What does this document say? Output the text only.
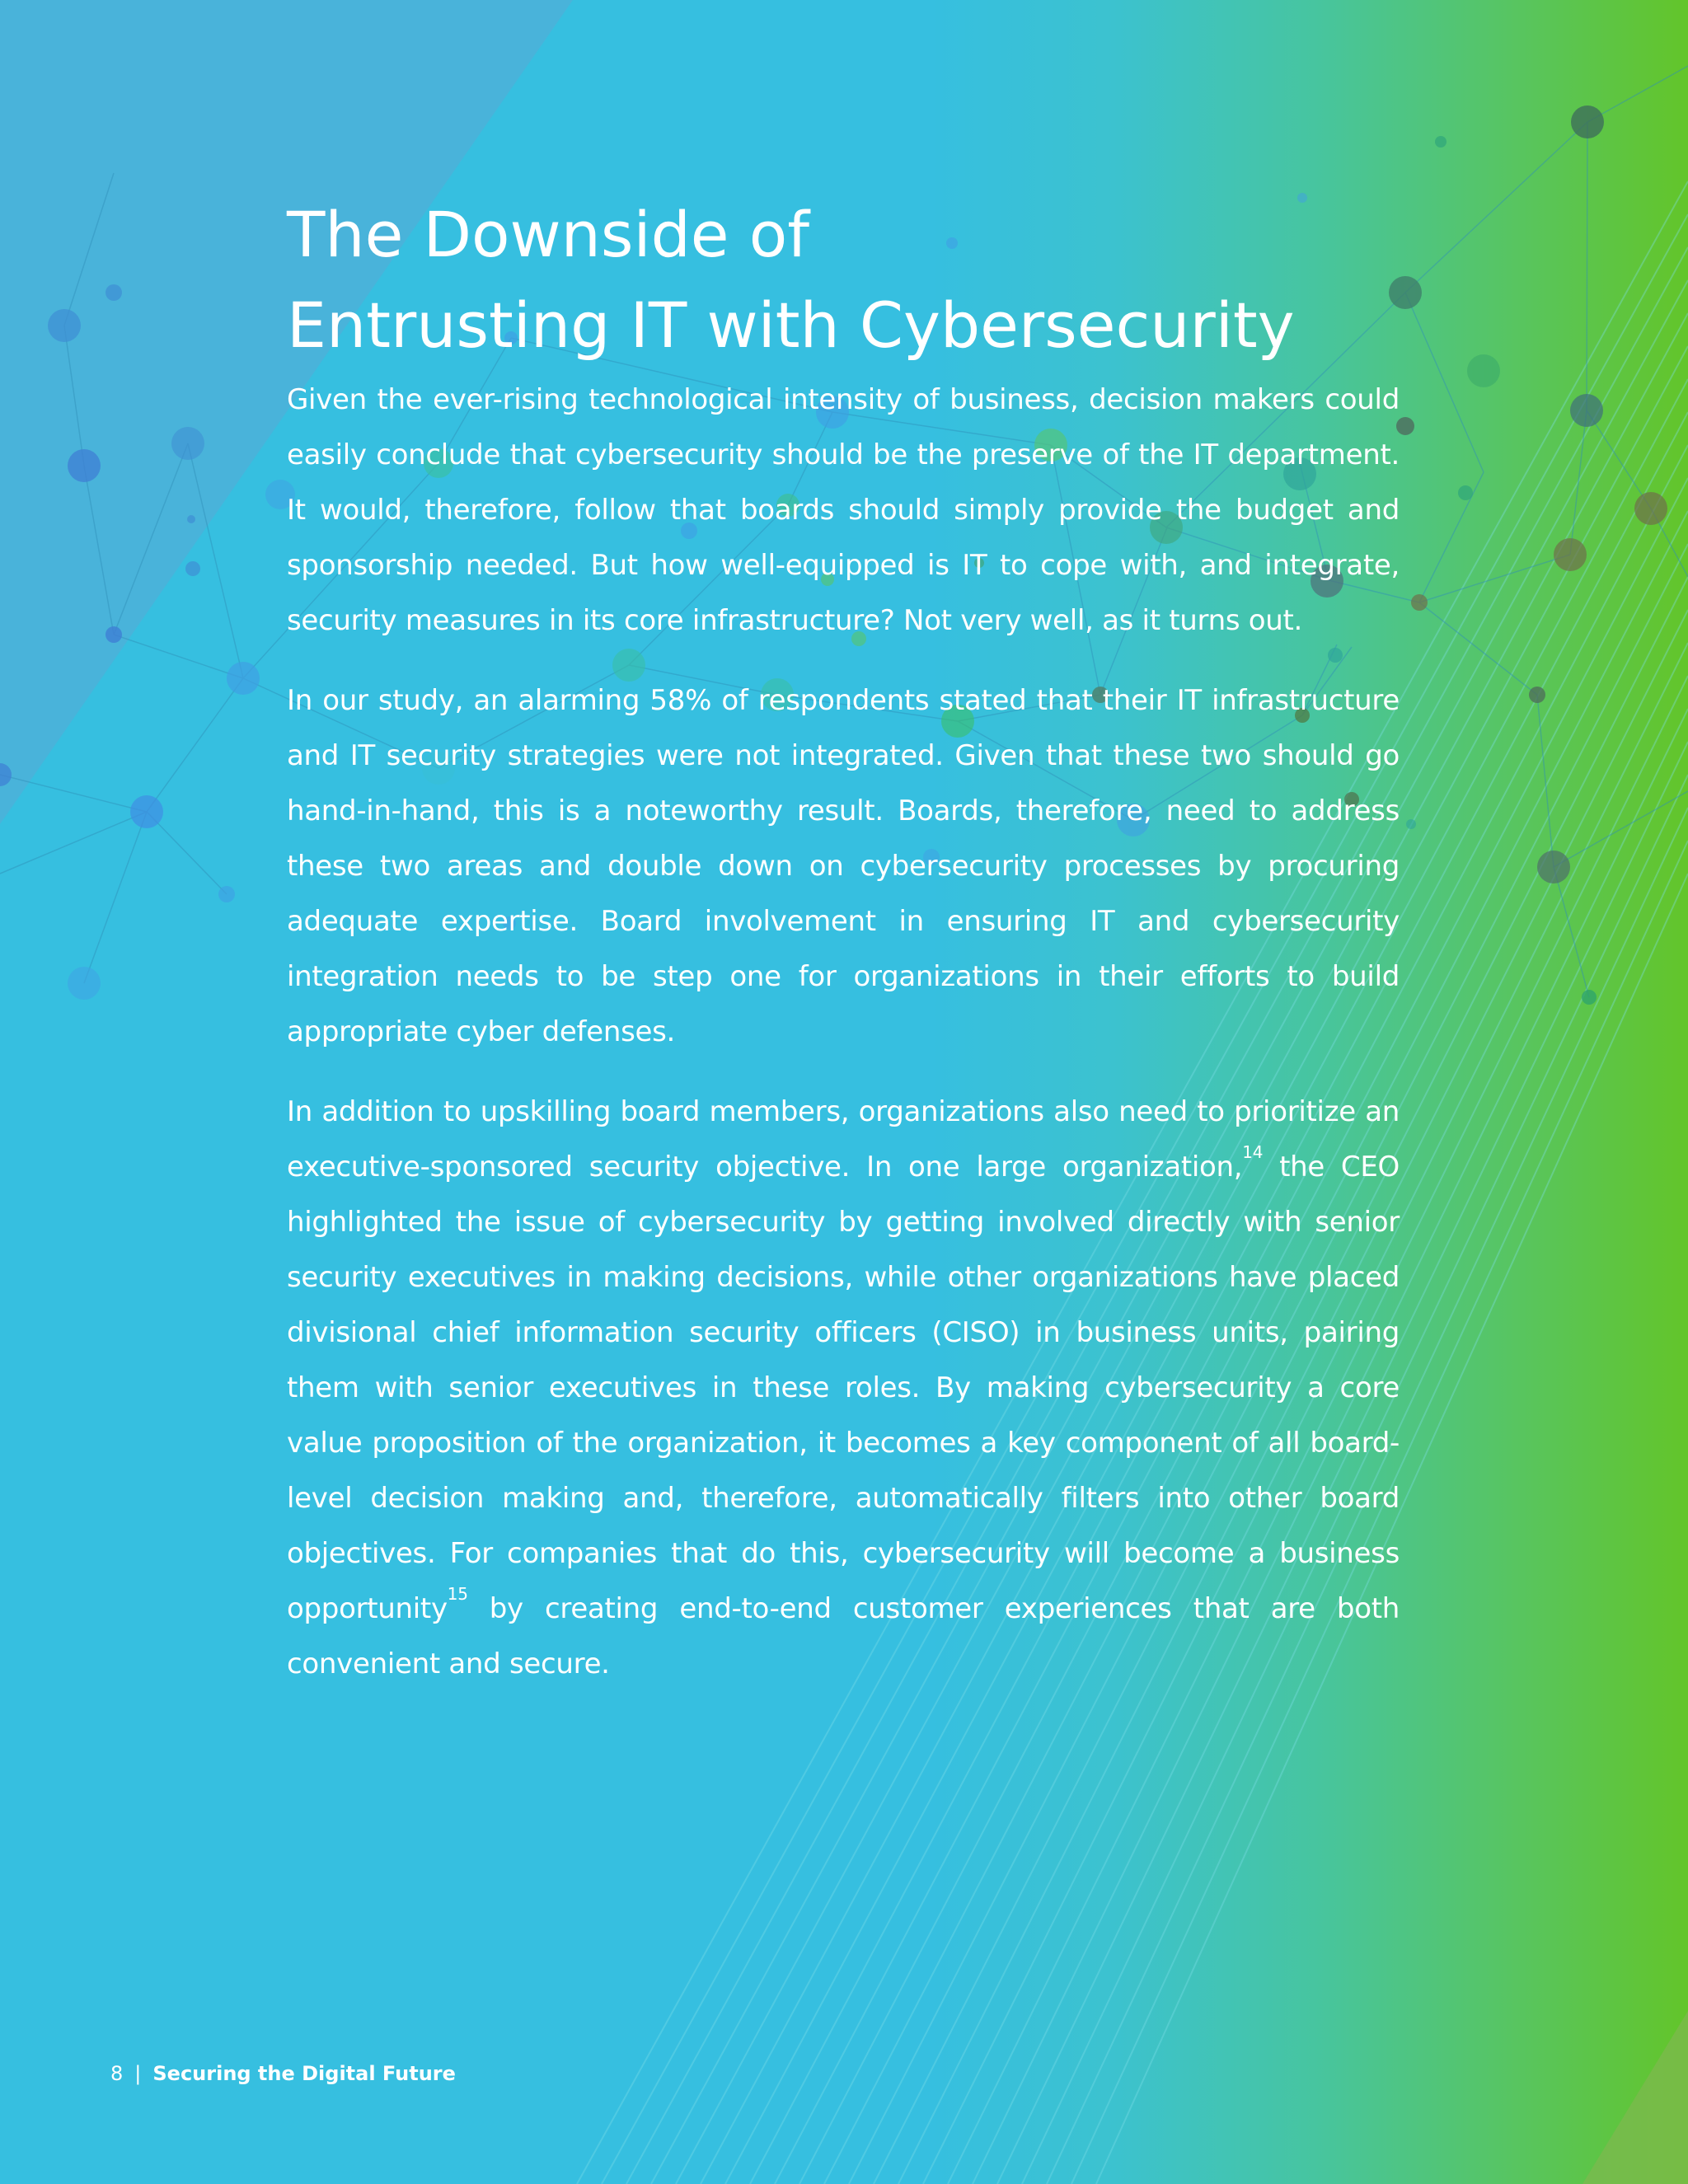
The Downside of
Entrusting IT with Cybersecurity

Given the ever-rising technological intensity of business, decision makers could easily conclude that cybersecurity should be the preserve of the IT department. It would, therefore, follow that boards should simply provide the budget and sponsorship needed. But how well-equipped is IT to cope with, and integrate, security measures in its core infrastructure? Not very well, as it turns out.

In our study, an alarming 58% of respondents stated that their IT infrastructure and IT security strategies were not integrated. Given that these two should go hand-in-hand, this is a noteworthy result. Boards, therefore, need to address these two areas and double down on cybersecurity processes by procuring adequate expertise. Board involvement in ensuring IT and cybersecurity integration needs to be step one for organizations in their efforts to build appropriate cyber defenses.

In addition to upskilling board members, organizations also need to prioritize an executive-sponsored security objective. In one large organization,$^{14}$ the CEO highlighted the issue of cybersecurity by getting involved directly with senior security executives in making decisions, while other organizations have placed divisional chief information security officers (CISO) in business units, pairing them with senior executives in these roles. By making cybersecurity a core value proposition of the organization, it becomes a key component of all board-level decision making and, therefore, automatically filters into other board objectives. For companies that do this, cybersecurity will become a business opportunity$^{15}$ by creating end-to-end customer experiences that are both convenient and secure.

8 | Securing the Digital Future
